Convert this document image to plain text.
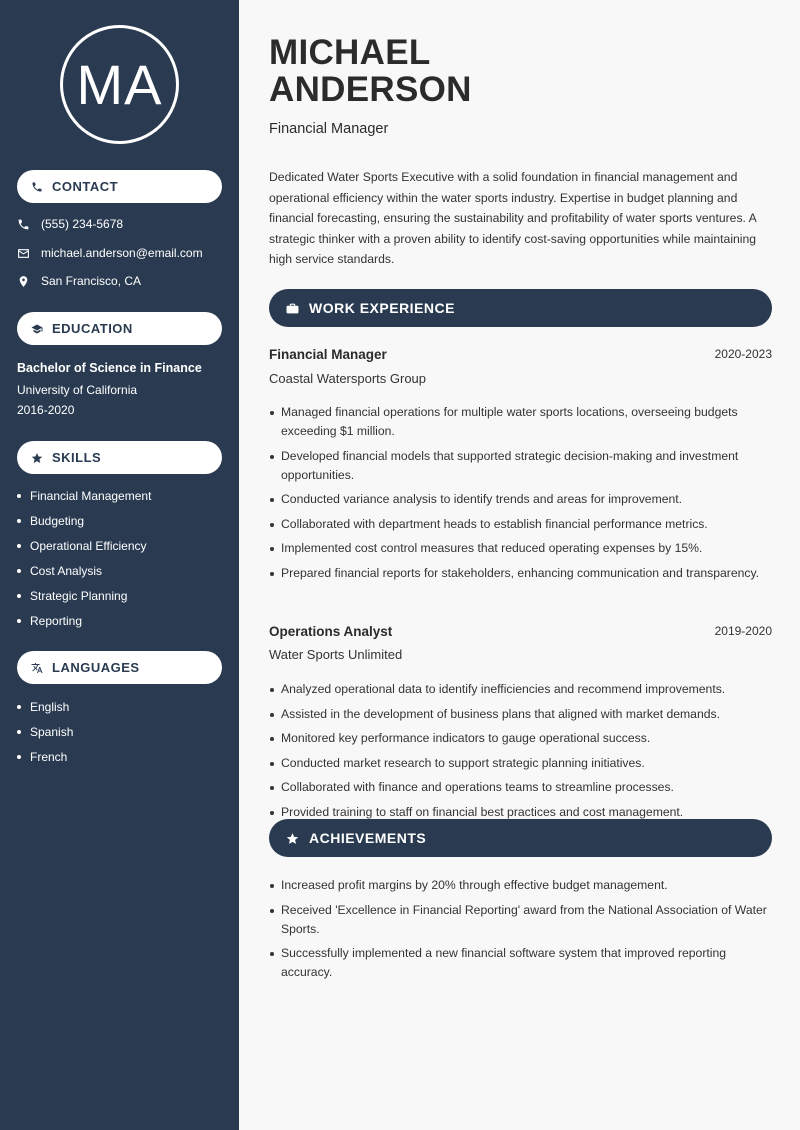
MA
CONTACT
(555) 234-5678
michael.anderson@email.com
San Francisco, CA
EDUCATION
Bachelor of Science in Finance
University of California
2016-2020
SKILLS
Financial Management
Budgeting
Operational Efficiency
Cost Analysis
Strategic Planning
Reporting
LANGUAGES
English
Spanish
French
MICHAEL
ANDERSON
Financial Manager

Dedicated Water Sports Executive with a solid foundation in financial management and operational efficiency within the water sports industry. Expertise in budget planning and financial forecasting, ensuring the sustainability and profitability of water sports ventures. A strategic thinker with a proven ability to identify cost-saving opportunities while maintaining high service standards.

WORK EXPERIENCE
Financial Manager	2020-2023
Coastal Watersports Group
Managed financial operations for multiple water sports locations, overseeing budgets exceeding $1 million.
Developed financial models that supported strategic decision-making and investment opportunities.
Conducted variance analysis to identify trends and areas for improvement.
Collaborated with department heads to establish financial performance metrics.
Implemented cost control measures that reduced operating expenses by 15%.
Prepared financial reports for stakeholders, enhancing communication and transparency.
Operations Analyst	2019-2020
Water Sports Unlimited
Analyzed operational data to identify inefficiencies and recommend improvements.
Assisted in the development of business plans that aligned with market demands.
Monitored key performance indicators to gauge operational success.
Conducted market research to support strategic planning initiatives.
Collaborated with finance and operations teams to streamline processes.
Provided training to staff on financial best practices and cost management.
ACHIEVEMENTS
Increased profit margins by 20% through effective budget management.
Received 'Excellence in Financial Reporting' award from the National Association of Water Sports.
Successfully implemented a new financial software system that improved reporting accuracy.
